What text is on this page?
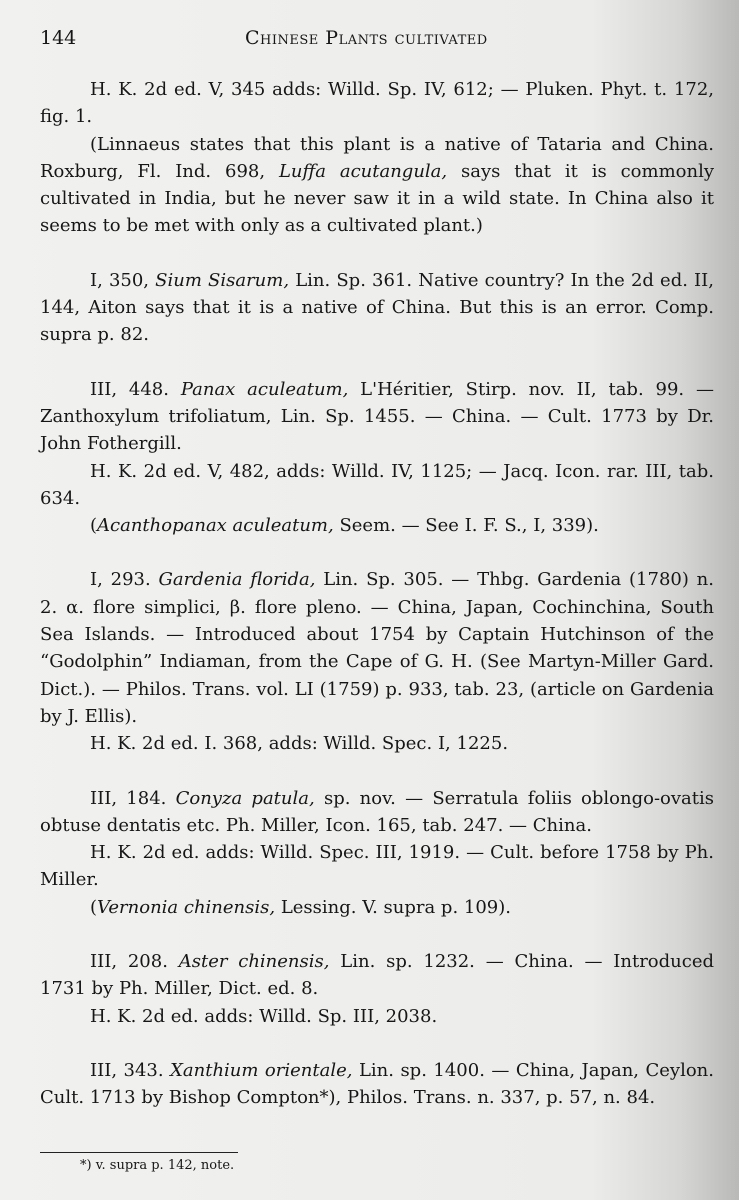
144	Chinese Plants cultivated

H. K. 2d ed. V, 345 adds: Willd. Sp. IV, 612; — Pluken. Phyt. t. 172, fig. 1.

(Linnaeus states that this plant is a native of Tataria and China. Roxburg, Fl. Ind. 698, Luffa acutangula, says that it is commonly cultivated in India, but he never saw it in a wild state. In China also it seems to be met with only as a cultivated plant.)

I, 350, Sium Sisarum, Lin. Sp. 361. Native country? In the 2d ed. II, 144, Aiton says that it is a native of China. But this is an error. Comp. supra p. 82.

III, 448. Panax aculeatum, L'Héritier, Stirp. nov. II, tab. 99. — Zanthoxylum trifoliatum, Lin. Sp. 1455. — China. — Cult. 1773 by Dr. John Fothergill.

H. K. 2d ed. V, 482, adds: Willd. IV, 1125; — Jacq. Icon. rar. III, tab. 634.

(Acanthopanax aculeatum, Seem. — See I. F. S., I, 339).

I, 293. Gardenia florida, Lin. Sp. 305. — Thbg. Gardenia (1780) n. 2. α. flore simplici, β. flore pleno. — China, Japan, Cochinchina, South Sea Islands. — Introduced about 1754 by Captain Hutchinson of the “Godolphin” Indiaman, from the Cape of G. H. (See Martyn-Miller Gard. Dict.). — Philos. Trans. vol. LI (1759) p. 933, tab. 23, (article on Gardenia by J. Ellis).

H. K. 2d ed. I. 368, adds: Willd. Spec. I, 1225.

III, 184. Conyza patula, sp. nov. — Serratula foliis oblongo-ovatis obtuse dentatis etc. Ph. Miller, Icon. 165, tab. 247. — China.

H. K. 2d ed. adds: Willd. Spec. III, 1919. — Cult. before 1758 by Ph. Miller.

(Vernonia chinensis, Lessing. V. supra p. 109).

III, 208. Aster chinensis, Lin. sp. 1232. — China. — Introduced 1731 by Ph. Miller, Dict. ed. 8.

H. K. 2d ed. adds: Willd. Sp. III, 2038.

III, 343. Xanthium orientale, Lin. sp. 1400. — China, Japan, Ceylon. Cult. 1713 by Bishop Compton*), Philos. Trans. n. 337, p. 57, n. 84.

*) v. supra p. 142, note.
